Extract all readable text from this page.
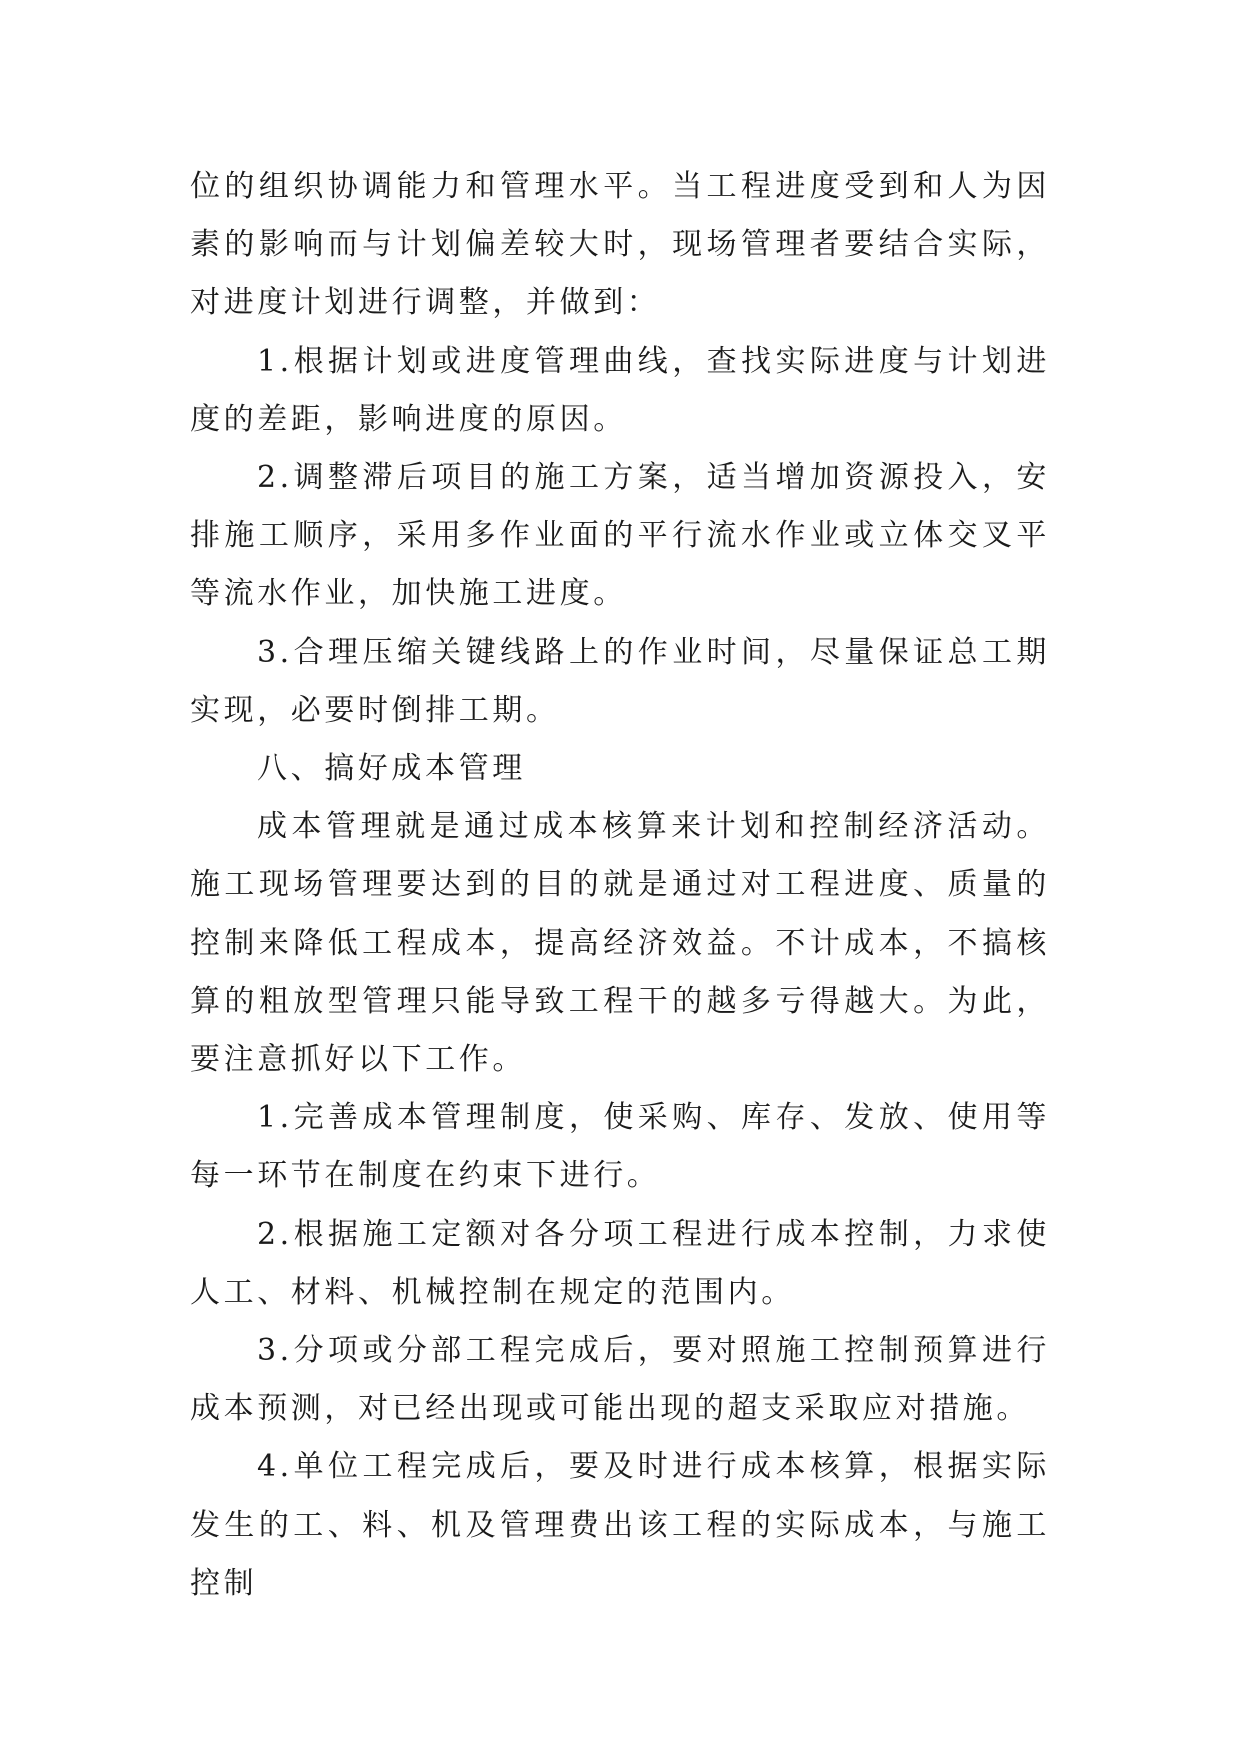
位的组织协调能力和管理水平。当工程进度受到和人为因素的影响而与计划偏差较大时，现场管理者要结合实际，对进度计划进行调整，并做到：

1.根据计划或进度管理曲线，查找实际进度与计划进度的差距，影响进度的原因。

2.调整滞后项目的施工方案，适当增加资源投入，安排施工顺序，采用多作业面的平行流水作业或立体交叉平等流水作业，加快施工进度。

3.合理压缩关键线路上的作业时间，尽量保证总工期实现，必要时倒排工期。

八、搞好成本管理

成本管理就是通过成本核算来计划和控制经济活动。施工现场管理要达到的目的就是通过对工程进度、质量的控制来降低工程成本，提高经济效益。不计成本，不搞核算的粗放型管理只能导致工程干的越多亏得越大。为此，要注意抓好以下工作。

1.完善成本管理制度，使采购、库存、发放、使用等每一环节在制度在约束下进行。

2.根据施工定额对各分项工程进行成本控制，力求使人工、材料、机械控制在规定的范围内。

3.分项或分部工程完成后，要对照施工控制预算进行成本预测，对已经出现或可能出现的超支采取应对措施。

4.单位工程完成后，要及时进行成本核算，根据实际发生的工、料、机及管理费出该工程的实际成本，与施工控制
